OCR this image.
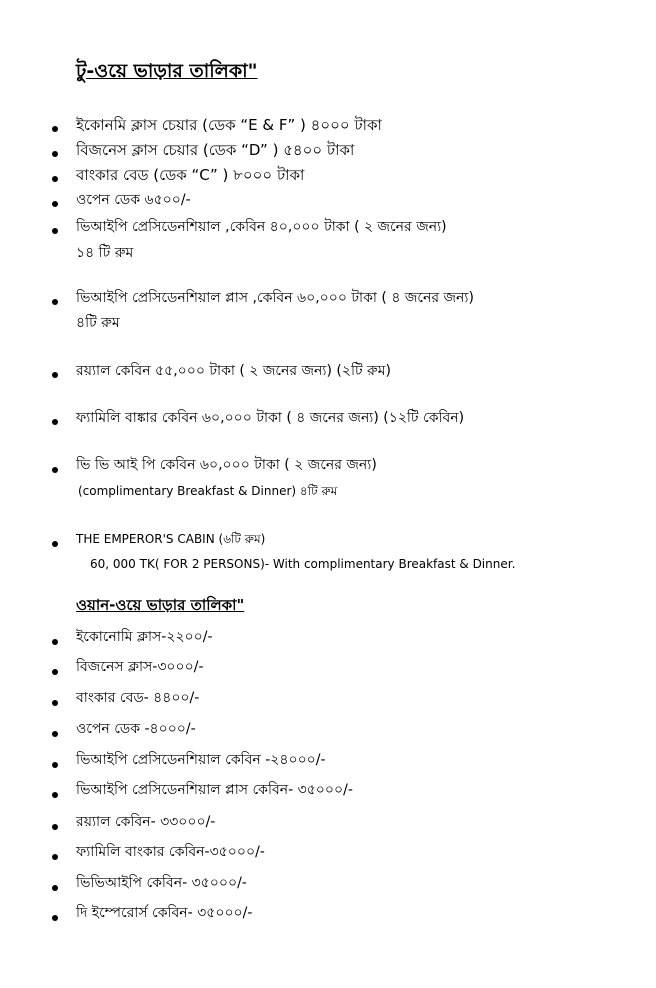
টু-ওয়ে ভাড়ার তালিকা"
ইকোনমি ক্লাস চেয়ার (ডেক “E & F” ) ৪০০০ টাকা
বিজনেস ক্লাস চেয়ার (ডেক “D” ) ৫৪০০ টাকা
বাংকার বেড (ডেক “C” ) ৮০০০ টাকা
ওপেন ডেক ৬৫০০/-
ভিআইপি প্রেসিডেনশিয়াল ,কেবিন ৪০,০০০ টাকা ( ২ জনের জন্য)
১৪ টি রুম
ভিআইপি প্রেসিডেনশিয়াল প্লাস ,কেবিন ৬০,০০০ টাকা ( ৪ জনের জন্য)
৪টি রুম
রয়্যাল কেবিন ৫৫,০০০ টাকা ( ২ জনের জন্য) (২টি রুম)
ফ্যামিলি বাঙ্কার কেবিন ৬০,০০০ টাকা ( ৪ জনের জন্য) (১২টি কেবিন)
ভি ভি আই পি কেবিন ৬০,০০০ টাকা ( ২ জনের জন্য)
(complimentary Breakfast & Dinner) ৪টি রুম
THE EMPEROR'S CABIN (৬টি রুম)
60, 000 TK( FOR 2 PERSONS)- With complimentary Breakfast & Dinner.
ওয়ান-ওয়ে ভাড়ার তালিকা"
ইকোনোমি ক্লাস-২২০০/-
বিজনেস ক্লাস-৩০০০/-
বাংকার বেড- ৪৪০০/-
ওপেন ডেক -৪০০০/-
ভিআইপি প্রেসিডেনশিয়াল কেবিন -২৪০০০/-
ভিআইপি প্রেসিডেনশিয়াল প্লাস কেবিন- ৩৫০০০/-
রয়্যাল কেবিন- ৩৩০০০/-
ফ্যামিলি বাংকার কেবিন-৩৫০০০/-
ভিভিআইপি কেবিন- ৩৫০০০/-
দি ইম্পেরোর্স কেবিন- ৩৫০০০/-
